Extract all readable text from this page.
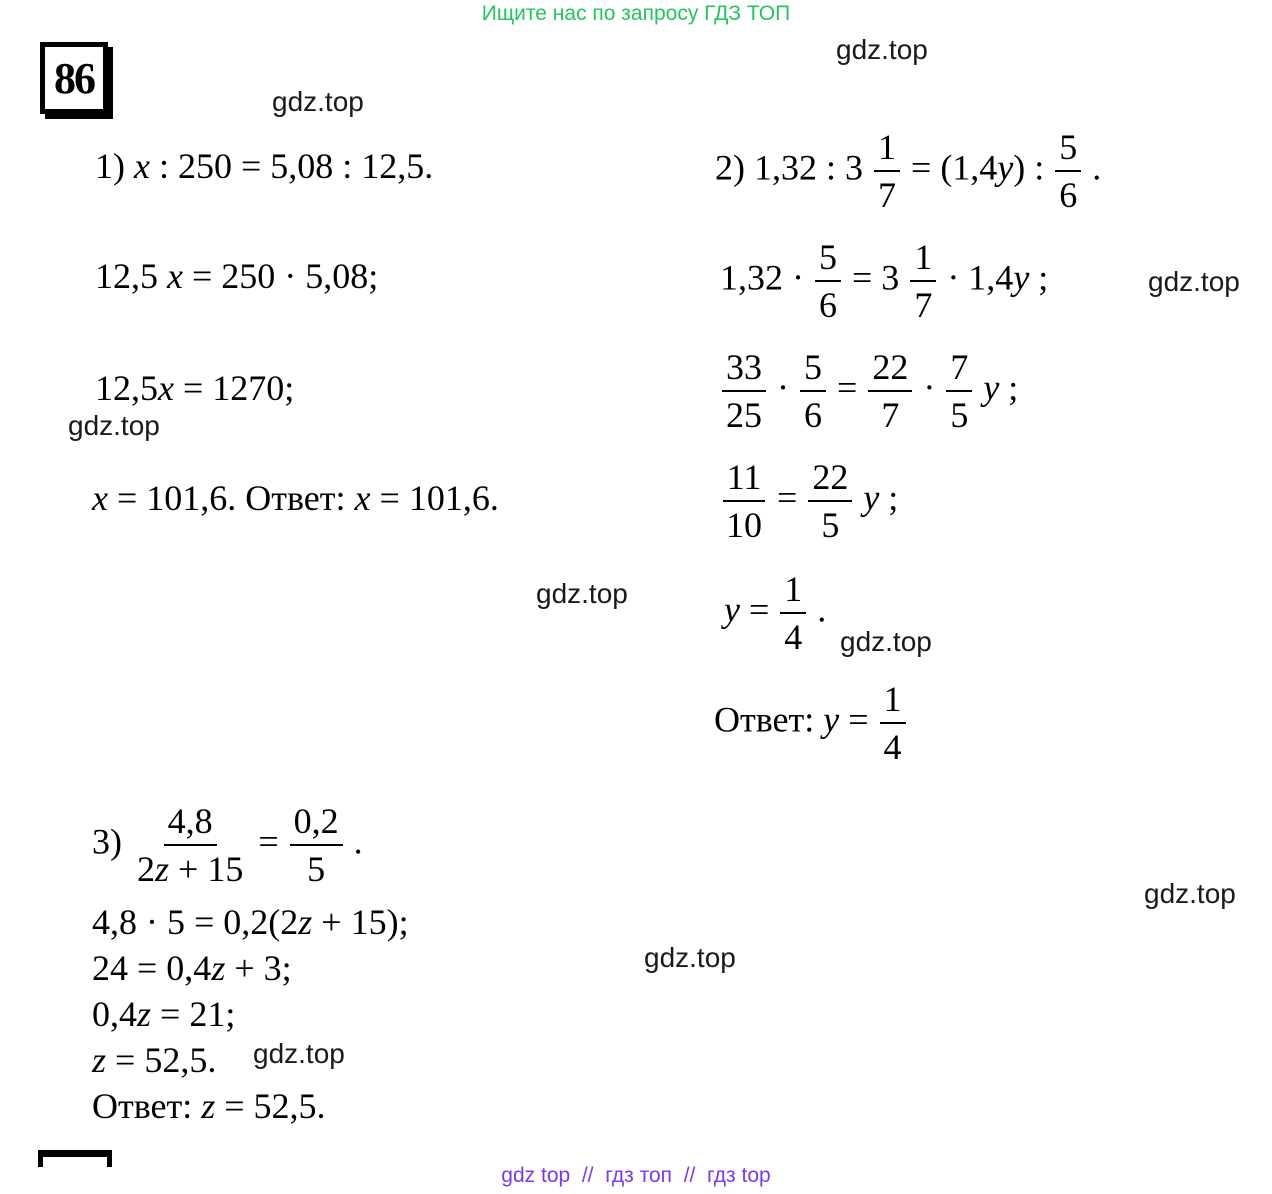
Ищите нас по запросу ГДЗ ТОП
86
gdz.top
gdz.top
gdz.top
gdz.top
gdz.top
gdz.top
gdz.top
gdz.top
gdz.top
1) x : 250 = 5,08 : 12,5.
12,5 x = 250 · 5,08;
12,5x = 1270;
x = 101,6. Ответ: x = 101,6.
2) 1,32 : $3 \frac{1}{7} = (1,4y)$ : $\frac{5}{6}$ .
$1,32 \cdot \frac{5}{6} = 3 \frac{1}{7} \cdot 1,4y$ ;
$\frac{33}{25} \cdot \frac{5}{6} = \frac{22}{7} \cdot \frac{7}{5}$ y ;
$\frac{11}{10} = \frac{22}{5}$ y ;
$y = \frac{1}{4}$ .
Ответ: $y = \frac{1}{4}$
$3) \frac{4,8}{2z + 15} = \frac{0,2}{5}$ .
4,8 · 5 = 0,2(2z + 15);
24 = 0,4z + 3;
0,4z = 21;
z = 52,5.
Ответ: z = 52,5.
gdz top  //  гдз топ  //  гдз top
